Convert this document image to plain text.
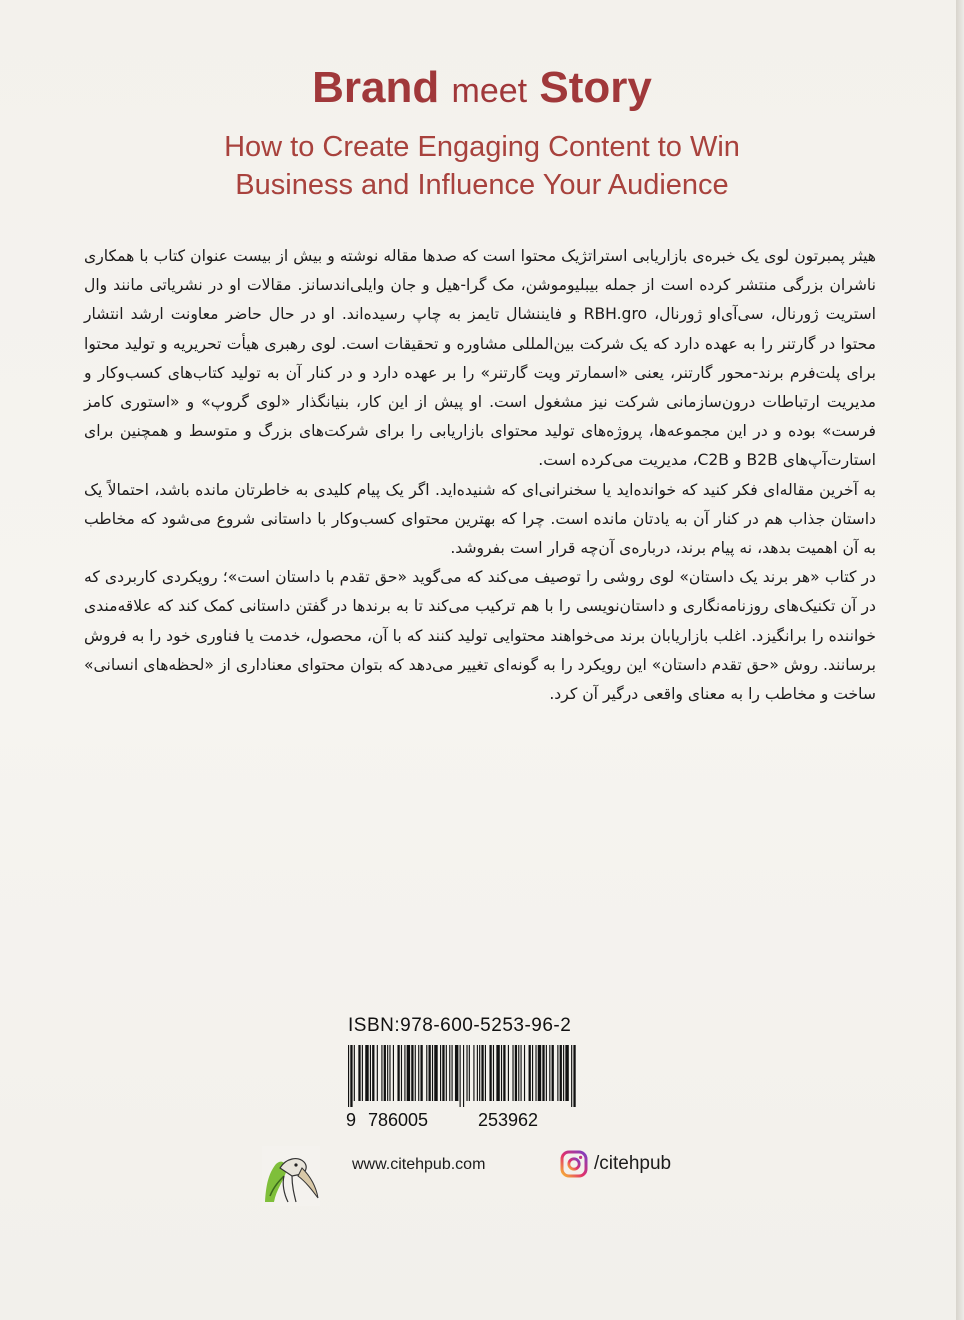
Brand meet Story
How to Create Engaging Content to Win
Business and Influence Your Audience

هیثر پمبرتون لوی یک خبره‌ی بازاریابی استراتژیک محتوا است که صدها مقاله نوشته و بیش از بیست عنوان کتاب با همکاری ناشران بزرگی منتشر کرده است از جمله بیبلیوموشن، مک گرا-هیل و جان وایلی‌اندسانز. مقالات او در نشریاتی مانند وال استریت ژورنال، سی‌آی‌او ژورنال، RBH.gro و فایننشال تایمز به چاپ رسیده‌اند. او در حال حاضر معاونت ارشد انتشار محتوا در گارتنر را به عهده دارد که یک شرکت بین‌المللی مشاوره و تحقیقات است. لوی رهبری هیأت تحریریه و تولید محتوا برای پلت‌فرم برند-محور گارتنر، یعنی «اسمارتر ویت گارتنر» را بر عهده دارد و در کنار آن به تولید کتاب‌های کسب‌وکار و مدیریت ارتباطات درون‌سازمانی شرکت نیز مشغول است. او پیش از این کار، بنیانگذار «لوی گروپ» و «استوری کامز فرست» بوده و در این مجموعه‌ها، پروژه‌های تولید محتوای بازاریابی را برای شرکت‌های بزرگ و متوسط و همچنین برای استارت‌آپ‌های B2B و C2B، مدیریت می‌کرده است.

به آخرین مقاله‌ای فکر کنید که خوانده‌اید یا سخنرانی‌ای که شنیده‌اید. اگر یک پیام کلیدی به خاطرتان مانده باشد، احتمالاً یک داستان جذاب هم در کنار آن به یادتان مانده است. چرا که بهترین محتوای کسب‌وکار با داستانی شروع می‌شود که مخاطب به آن اهمیت بدهد، نه پیام برند، درباره‌ی آن‌چه قرار است بفروشد.

در کتاب «هر برند یک داستان» لوی روشی را توصیف می‌کند که می‌گوید «حق تقدم با داستان است»؛ رویکردی کاربردی که در آن تکنیک‌های روزنامه‌نگاری و داستان‌نویسی را با هم ترکیب می‌کند تا به برندها در گفتن داستانی کمک کند که علاقه‌مندی خواننده را برانگیزد. اغلب بازاریابان برند می‌خواهند محتوایی تولید کنند که با آن، محصول، خدمت یا فناوری خود را به فروش برسانند. روش «حق تقدم داستان» این رویکرد را به گونه‌ای تغییر می‌دهد که بتوان محتوای معناداری از «لحظه‌های انسانی» ساخت و مخاطب را به معنای واقعی درگیر آن کرد.

ISBN:978-600-5253-96-2
9 786005	253962
www.citehpub.com	/citehpub
